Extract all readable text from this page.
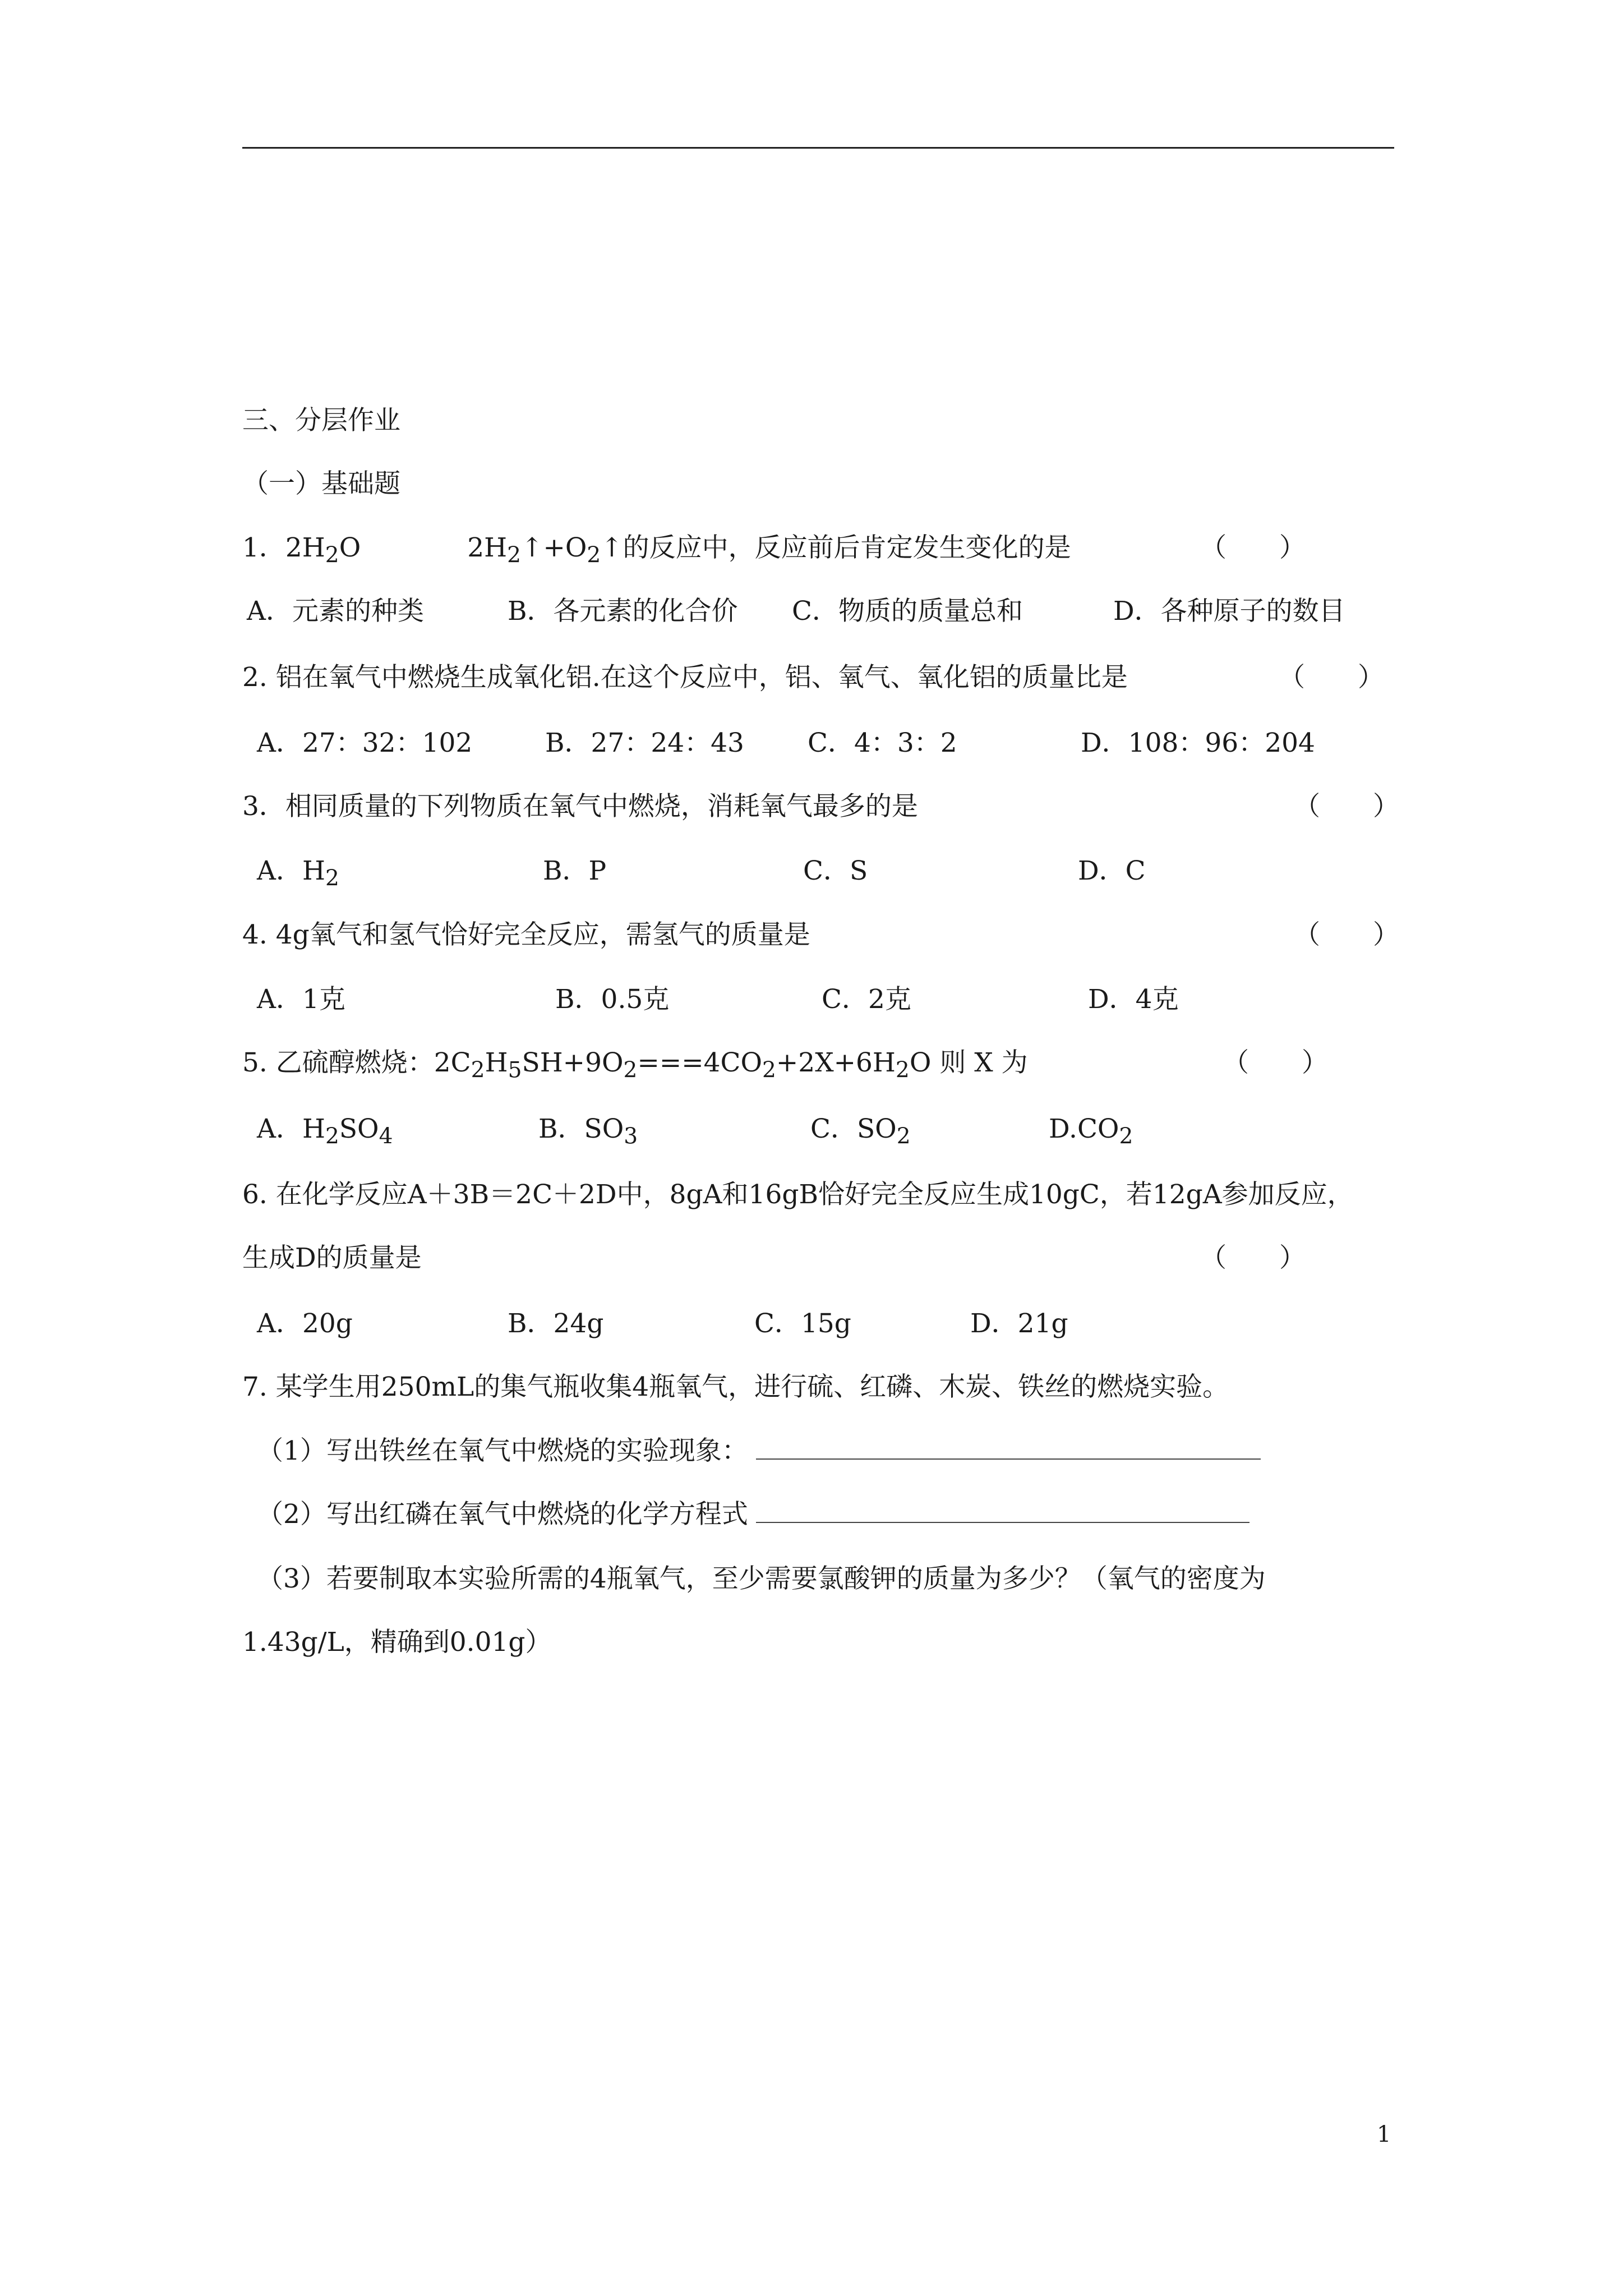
三、分层作业
（一）基础题
1．$2H_2O$	$2H_2↑+O_2↑$的反应中，反应前后肯定发生变化的是	（　　）
A．元素的种类	B．各元素的化合价 C．物质的质量总和	D．各种原子的数目
2. 铝在氧气中燃烧生成氧化铝.在这个反应中，铝、氧气、氧化铝的质量比是	（　　）
A．27：32：102	B．27：24：43 C．4：3：2	D．108：96：204
3．相同质量的下列物质在氧气中燃烧，消耗氧气最多的是	（　　）
A．$H_2$	B．P	C．S	D．C
4. 4g氧气和氢气恰好完全反应，需氢气的质量是	（　　）
A．1克	B．0.5克	C．2克	D．4克
5. 乙硫醇燃烧：$2C_2H_5SH+9O_2===4CO_2+2X+6H_2O$ 则 X 为	（　　）
A．$H_2SO_4$	B．$SO_3$	C．$SO_2$	$D.CO_2$
6. 在化学反应A＋3B＝2C＋2D中，8gA和16gB恰好完全反应生成10gC，若12gA参加反应，
生成D的质量是	（　　）
A．20g	B．24g	C．15g	D．21g
7. 某学生用250mL的集气瓶收集4瓶氧气，进行硫、红磷、木炭、铁丝的燃烧实验。
（1）写出铁丝在氧气中燃烧的实验现象：
（2）写出红磷在氧气中燃烧的化学方程式
（3）若要制取本实验所需的4瓶氧气，至少需要氯酸钾的质量为多少？（氧气的密度为
1.43g/L，精确到0.01g）
1
